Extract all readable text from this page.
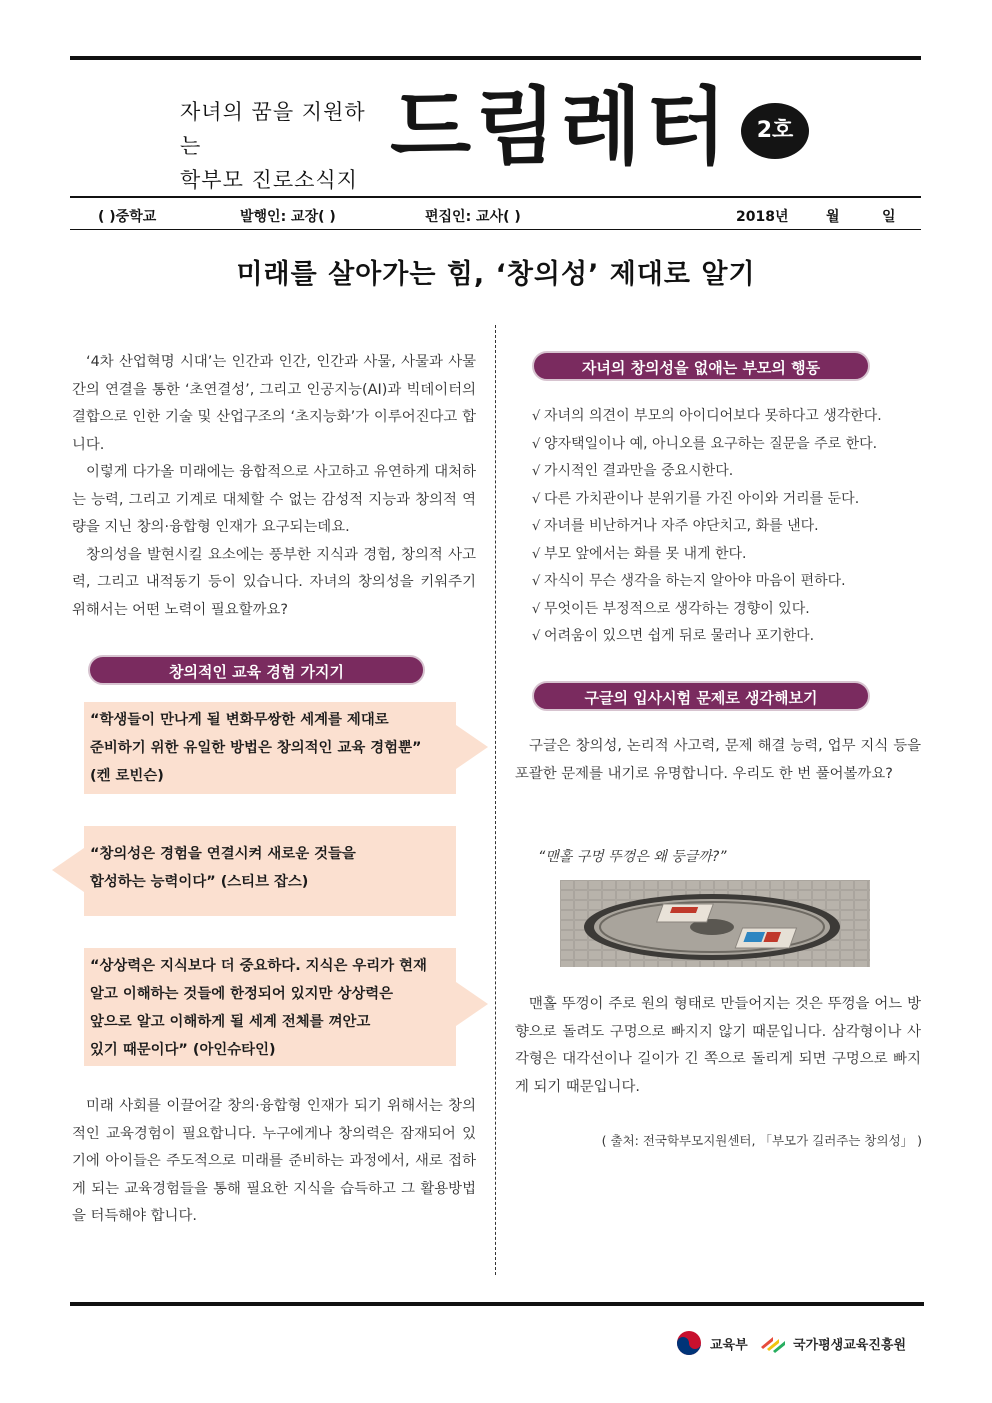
자녀의 꿈을 지원하는
학부모 진로소식지
드림레터	2호
( )중학교	발행인: 교장( )	편집인: 교사( )	2018년	월	일
미래를 살아가는 힘, ‘창의성’ 제대로 알기

‘4차 산업혁명 시대’는 인간과 인간, 인간과 사물, 사물과 사물간의 연결을 통한 ‘초연결성’, 그리고 인공지능(AI)과 빅데이터의 결합으로 인한 기술 및 산업구조의 ‘초지능화’가 이루어진다고 합니다.

이렇게 다가올 미래에는 융합적으로 사고하고 유연하게 대처하는 능력, 그리고 기계로 대체할 수 없는 감성적 지능과 창의적 역량을 지닌 창의·융합형 인재가 요구되는데요.

창의성을 발현시킬 요소에는 풍부한 지식과 경험, 창의적 사고력, 그리고 내적동기 등이 있습니다. 자녀의 창의성을 키워주기 위해서는 어떤 노력이 필요할까요?

창의적인 교육 경험 가지기
“학생들이 만나게 될 변화무쌍한 세계를 제대로
준비하기 위한 유일한 방법은 창의적인 교육 경험뿐”
(켄 로빈슨)
“창의성은 경험을 연결시켜 새로운 것들을
합성하는 능력이다” (스티브 잡스)
“상상력은 지식보다 더 중요하다. 지식은 우리가 현재
알고 이해하는 것들에 한정되어 있지만 상상력은
앞으로 알고 이해하게 될 세계 전체를 껴안고
있기 때문이다” (아인슈타인)

미래 사회를 이끌어갈 창의·융합형 인재가 되기 위해서는 창의적인 교육경험이 필요합니다. 누구에게나 창의력은 잠재되어 있기에 아이들은 주도적으로 미래를 준비하는 과정에서, 새로 접하게 되는 교육경험들을 통해 필요한 지식을 습득하고 그 활용방법을 터득해야 합니다.

자녀의 창의성을 없애는 부모의 행동
√ 자녀의 의견이 부모의 아이디어보다 못하다고 생각한다.
√ 양자택일이나 예, 아니오를 요구하는 질문을 주로 한다.
√ 가시적인 결과만을 중요시한다.
√ 다른 가치관이나 분위기를 가진 아이와 거리를 둔다.
√ 자녀를 비난하거나 자주 야단치고, 화를 낸다.
√ 부모 앞에서는 화를 못 내게 한다.
√ 자식이 무슨 생각을 하는지 알아야 마음이 편하다.
√ 무엇이든 부정적으로 생각하는 경향이 있다.
√ 어려움이 있으면 쉽게 뒤로 물러나 포기한다.
구글의 입사시험 문제로 생각해보기

구글은 창의성, 논리적 사고력, 문제 해결 능력, 업무 지식 등을 포괄한 문제를 내기로 유명합니다. 우리도 한 번 풀어볼까요?

“맨홀 구멍 뚜껑은 왜 둥글까?”

맨홀 뚜껑이 주로 원의 형태로 만들어지는 것은 뚜껑을 어느 방향으로 돌려도 구멍으로 빠지지 않기 때문입니다. 삼각형이나 사각형은 대각선이나 길이가 긴 쪽으로 돌리게 되면 구멍으로 빠지게 되기 때문입니다.

( 출처: 전국학부모지원센터, 「부모가 길러주는 창의성」 )
교육부	국가평생교육진흥원
